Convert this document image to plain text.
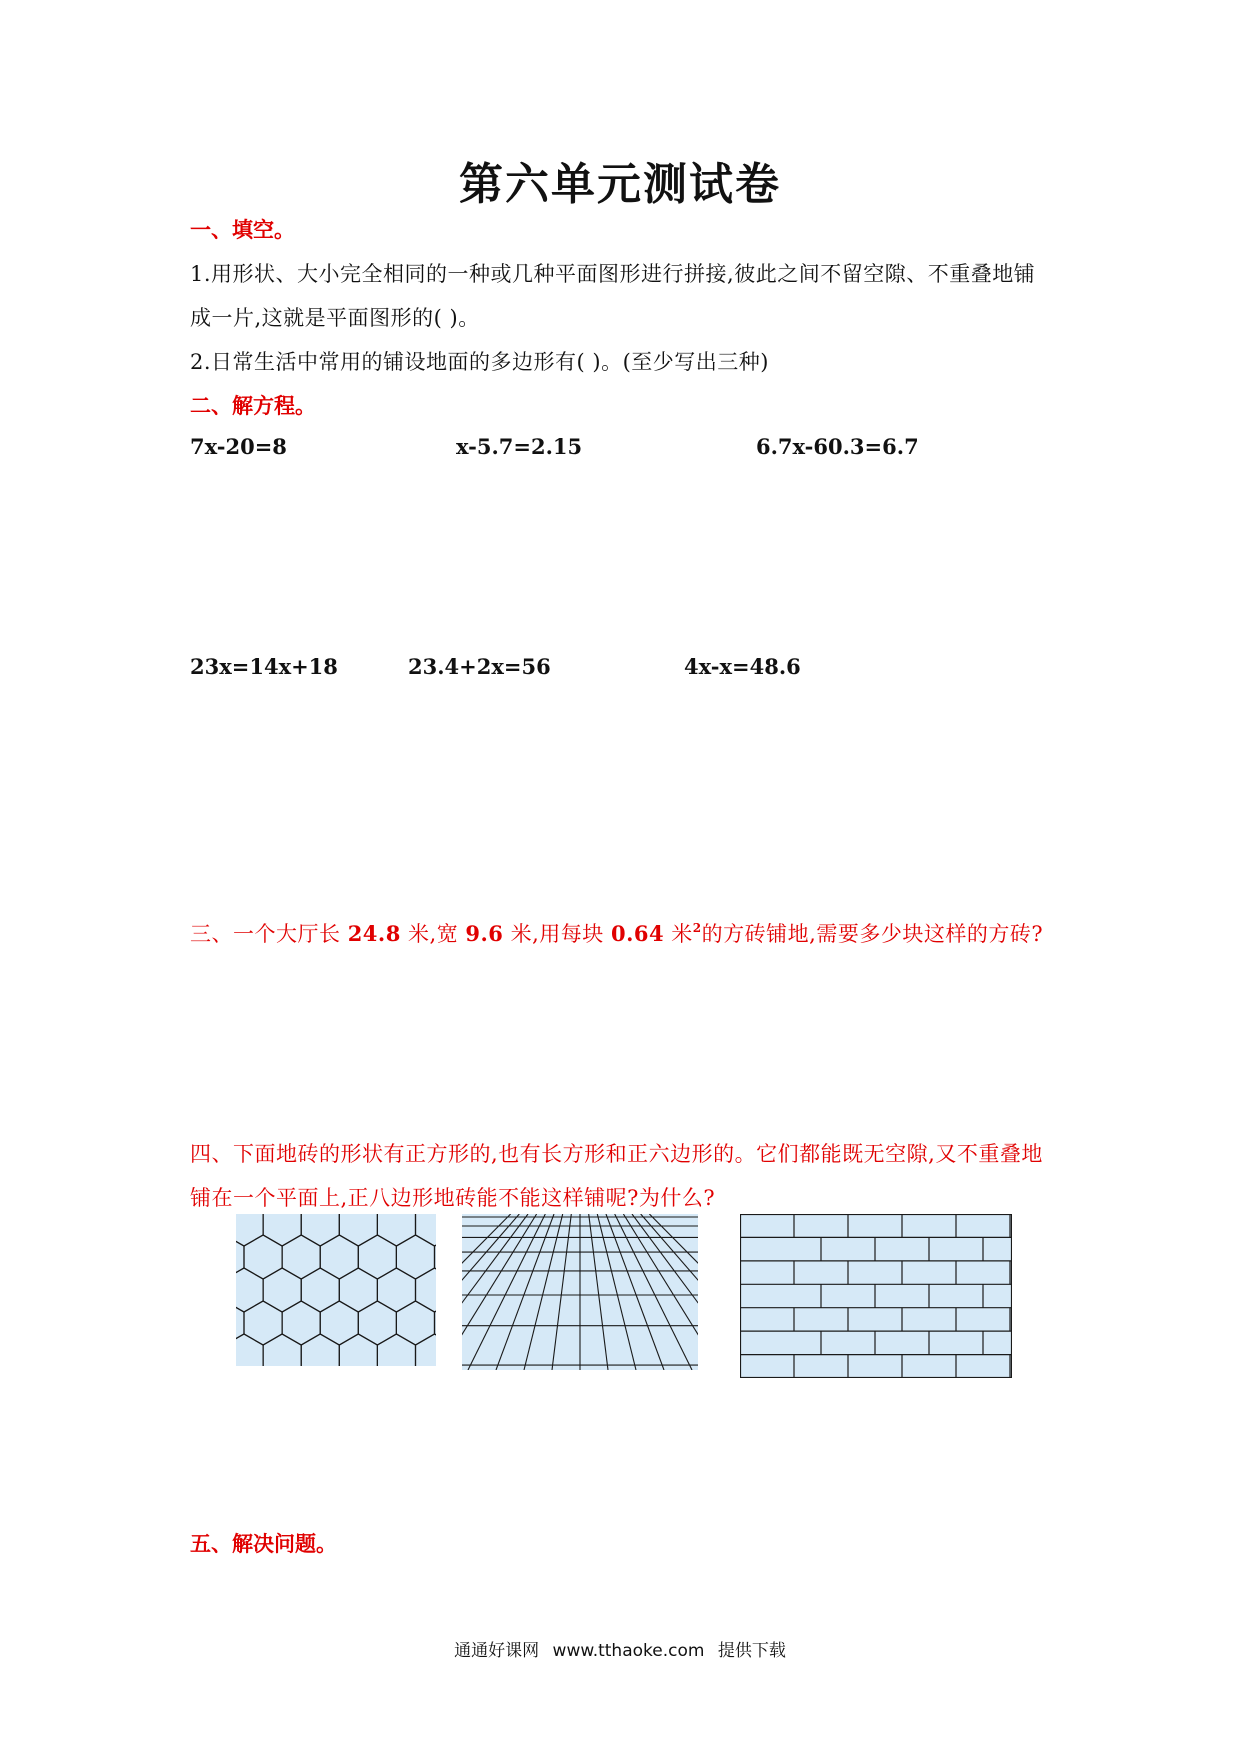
第六单元测试卷
一、填空。
1.用形状、大小完全相同的一种或几种平面图形进行拼接,彼此之间不留空隙、不重叠地铺
成一片,这就是平面图形的( )。
2.日常生活中常用的铺设地面的多边形有( )。(至少写出三种)
二、解方程。
7x-20=8	x-5.7=2.15	6.7x-60.3=6.7
23x=14x+18	23.4+2x=56	4x-x=48.6
三、一个大厅长 24.8 米,宽 9.6 米,用每块 0.64 米$^2$的方砖铺地,需要多少块这样的方砖?
四、下面地砖的形状有正方形的,也有长方形和正六边形的。它们都能既无空隙,又不重叠地
铺在一个平面上,正八边形地砖能不能这样铺呢?为什么?
五、解决问题。
通通好课网 www.tthaoke.com 提供下载
